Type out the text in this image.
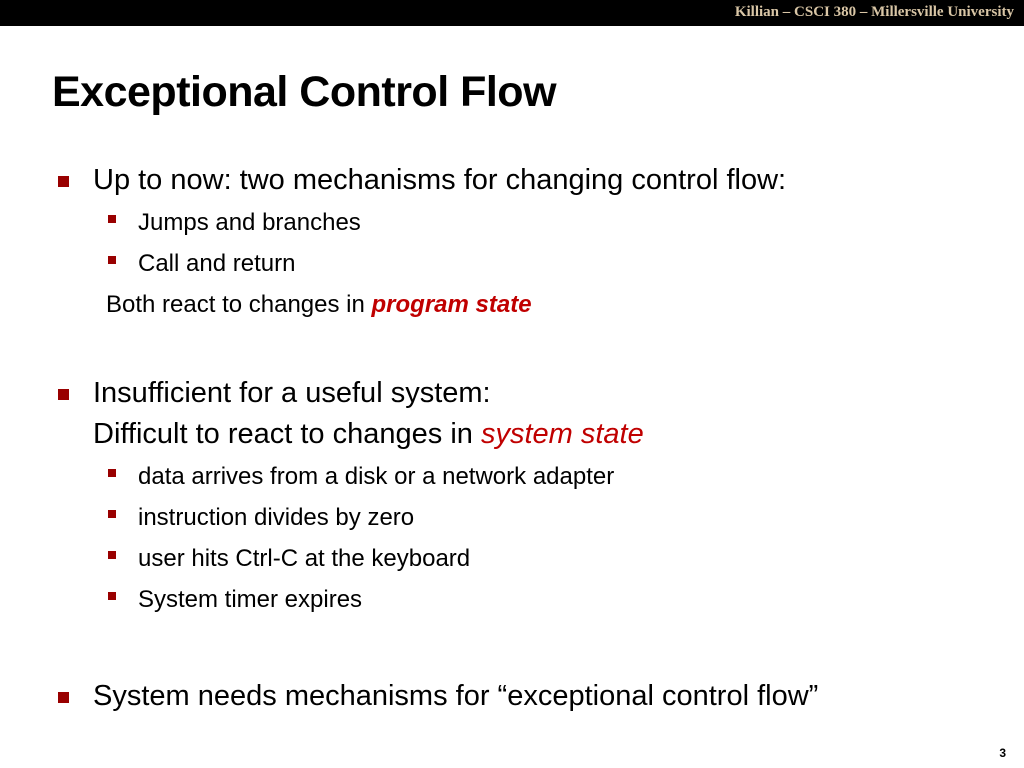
Killian – CSCI 380 – Millersville University
Exceptional Control Flow
Up to now: two mechanisms for changing control flow:
Jumps and branches
Call and return
Both react to changes in program state
Insufficient for a useful system:
Difficult to react to changes in system state
data arrives from a disk or a network adapter
instruction divides by zero
user hits Ctrl-C at the keyboard
System timer expires
System needs mechanisms for “exceptional control flow”
3
